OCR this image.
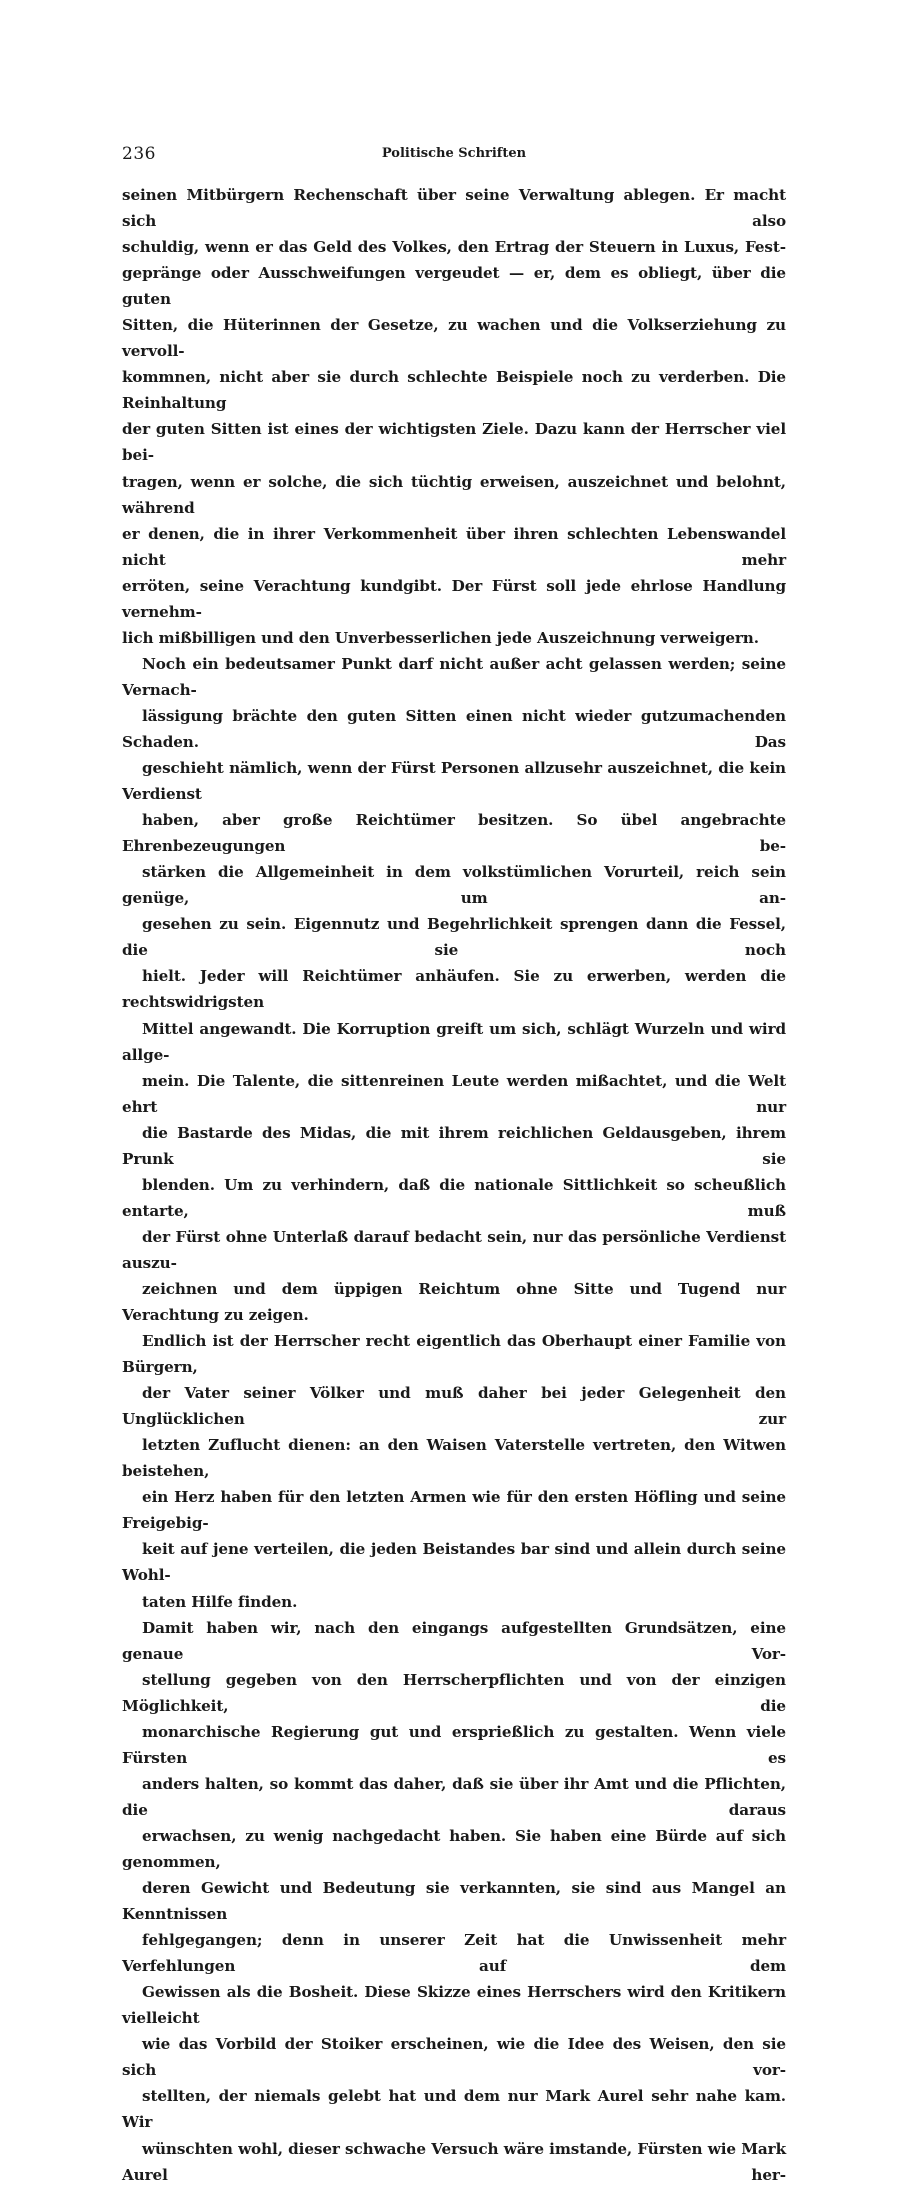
236	Politische Schriften

seinen Mitbürgern Rechenschaft über seine Verwaltung ablegen. Er macht sich also
schuldig, wenn er das Geld des Volkes, den Ertrag der Steuern in Luxus, Fest-
gepränge oder Ausschweifungen vergeudet — er, dem es obliegt, über die guten
Sitten, die Hüterinnen der Gesetze, zu wachen und die Volkserziehung zu vervoll-
kommnen, nicht aber sie durch schlechte Beispiele noch zu verderben. Die Reinhaltung
der guten Sitten ist eines der wichtigsten Ziele. Dazu kann der Herrscher viel bei-
tragen, wenn er solche, die sich tüchtig erweisen, auszeichnet und belohnt, während
er denen, die in ihrer Verkommenheit über ihren schlechten Lebenswandel nicht mehr
erröten, seine Verachtung kundgibt. Der Fürst soll jede ehrlose Handlung vernehm-
lich mißbilligen und den Unverbesserlichen jede Auszeichnung verweigern.

Noch ein bedeutsamer Punkt darf nicht außer acht gelassen werden; seine Vernach-
lässigung brächte den guten Sitten einen nicht wieder gutzumachenden Schaden. Das
geschieht nämlich, wenn der Fürst Personen allzusehr auszeichnet, die kein Verdienst
haben, aber große Reichtümer besitzen. So übel angebrachte Ehrenbezeugungen be-
stärken die Allgemeinheit in dem volkstümlichen Vorurteil, reich sein genüge, um an-
gesehen zu sein. Eigennutz und Begehrlichkeit sprengen dann die Fessel, die sie noch
hielt. Jeder will Reichtümer anhäufen. Sie zu erwerben, werden die rechtswidrigsten
Mittel angewandt. Die Korruption greift um sich, schlägt Wurzeln und wird allge-
mein. Die Talente, die sittenreinen Leute werden mißachtet, und die Welt ehrt nur
die Bastarde des Midas, die mit ihrem reichlichen Geldausgeben, ihrem Prunk sie
blenden. Um zu verhindern, daß die nationale Sittlichkeit so scheußlich entarte, muß
der Fürst ohne Unterlaß darauf bedacht sein, nur das persönliche Verdienst auszu-
zeichnen und dem üppigen Reichtum ohne Sitte und Tugend nur Verachtung zu zeigen.

Endlich ist der Herrscher recht eigentlich das Oberhaupt einer Familie von Bürgern,
der Vater seiner Völker und muß daher bei jeder Gelegenheit den Unglücklichen zur
letzten Zuflucht dienen: an den Waisen Vaterstelle vertreten, den Witwen beistehen,
ein Herz haben für den letzten Armen wie für den ersten Höfling und seine Freigebig-
keit auf jene verteilen, die jeden Beistandes bar sind und allein durch seine Wohl-
taten Hilfe finden.

Damit haben wir, nach den eingangs aufgestellten Grundsätzen, eine genaue Vor-
stellung gegeben von den Herrscherpflichten und von der einzigen Möglichkeit, die
monarchische Regierung gut und ersprießlich zu gestalten. Wenn viele Fürsten es
anders halten, so kommt das daher, daß sie über ihr Amt und die Pflichten, die daraus
erwachsen, zu wenig nachgedacht haben. Sie haben eine Bürde auf sich genommen,
deren Gewicht und Bedeutung sie verkannten, sie sind aus Mangel an Kenntnissen
fehlgegangen; denn in unserer Zeit hat die Unwissenheit mehr Verfehlungen auf dem
Gewissen als die Bosheit. Diese Skizze eines Herrschers wird den Kritikern vielleicht
wie das Vorbild der Stoiker erscheinen, wie die Idee des Weisen, den sie sich vor-
stellten, der niemals gelebt hat und dem nur Mark Aurel sehr nahe kam. Wir
wünschten wohl, dieser schwache Versuch wäre imstande, Fürsten wie Mark Aurel her-
